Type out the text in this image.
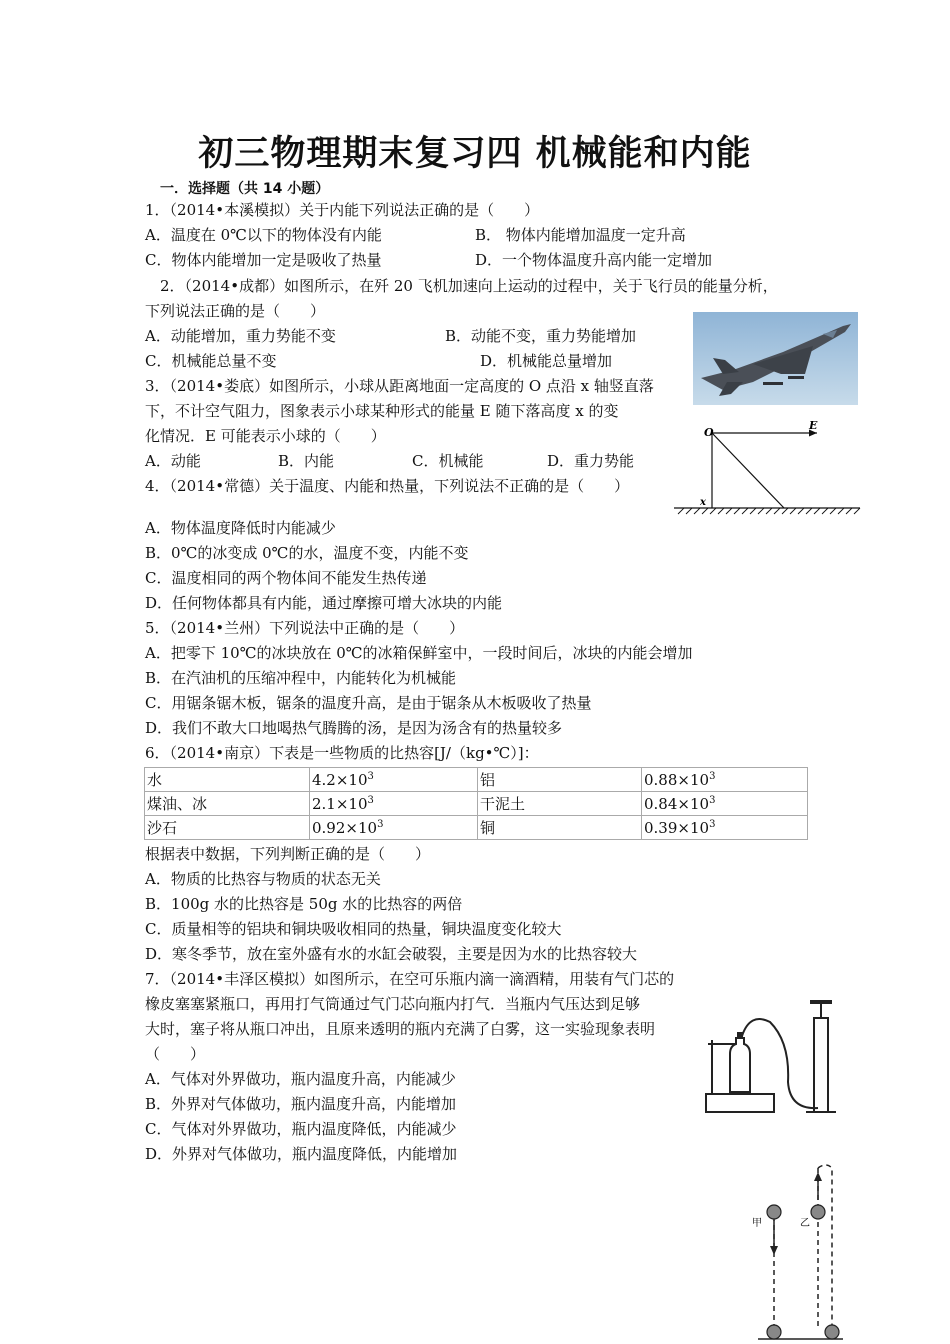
初三物理期末复习四 机械能和内能
一．选择题（共 14 小题）
1．（2014•本溪模拟）关于内能下列说法正确的是（　　）
A．温度在 0℃以下的物体没有内能	B． 物体内能增加温度一定升高
C．物体内能增加一定是吸收了热量	D．一个物体温度升高内能一定增加
2．（2014•成都）如图所示，在歼 20 飞机加速向上运动的过程中，关于飞行员的能量分析，
下列说法正确的是（　　）
A．动能增加，重力势能不变	B．动能不变，重力势能增加
C．机械能总量不变	D．机械能总量增加
3．（2014•娄底）如图所示，小球从距离地面一定高度的 O 点沿 x 轴竖直落
下，不计空气阻力，图象表示小球某种形式的能量 E 随下落高度 x 的变
化情况．E 可能表示小球的（　　）
A．动能	B．内能	C．机械能	D．重力势能
O
E
x
4．（2014•常德）关于温度、内能和热量，下列说法不正确的是（　　）
A．物体温度降低时内能减少
B．0℃的冰变成 0℃的水，温度不变，内能不变
C．温度相同的两个物体间不能发生热传递
D．任何物体都具有内能，通过摩擦可增大冰块的内能
5．（2014•兰州）下列说法中正确的是（　　）
A．把零下 10℃的冰块放在 0℃的冰箱保鲜室中，一段时间后，冰块的内能会增加
B．在汽油机的压缩冲程中，内能转化为机械能
C．用锯条锯木板，锯条的温度升高，是由于锯条从木板吸收了热量
D．我们不敢大口地喝热气腾腾的汤，是因为汤含有的热量较多
6．（2014•南京）下表是一些物质的比热容[J/（kg•℃）]：
水	$4.2\times 10^3$	铝	$0.88\times 10^3$
煤油、冰	$2.1\times 10^3$	干泥土	$0.84\times 10^3$
沙石	$0.92\times 10^3$	铜	$0.39\times 10^3$
根据表中数据，下列判断正确的是（　　）
A．物质的比热容与物质的状态无关
B．100g 水的比热容是 50g 水的比热容的两倍
C．质量相等的铝块和铜块吸收相同的热量，铜块温度变化较大
D．寒冬季节，放在室外盛有水的水缸会破裂，主要是因为水的比热容较大
7．（2014•丰泽区模拟）如图所示，在空可乐瓶内滴一滴酒精，用装有气门芯的
橡皮塞塞紧瓶口，再用打气筒通过气门芯向瓶内打气．当瓶内气压达到足够
大时，塞子将从瓶口冲出，且原来透明的瓶内充满了白雾，这一实验现象表明
（　　）
A．气体对外界做功，瓶内温度升高，内能减少
B．外界对气体做功，瓶内温度升高，内能增加
C．气体对外界做功，瓶内温度降低，内能减少
D．外界对气体做功，瓶内温度降低，内能增加
甲	乙
